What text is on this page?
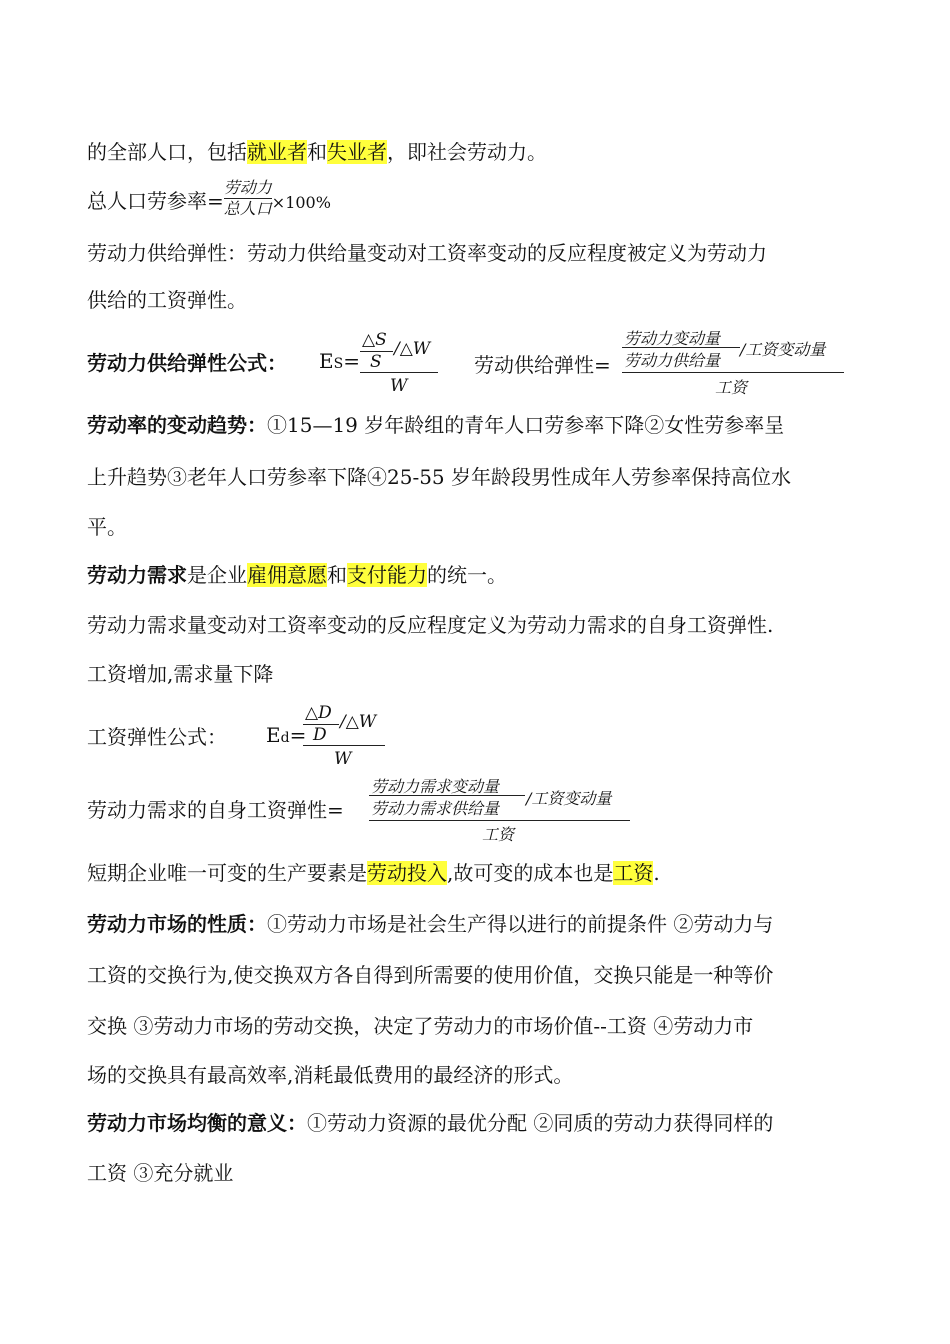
的全部人口，包括就业者和失业者，即社会劳动力。
总人口劳参率= $\frac{\text{劳动力}}{\text{总人口}} \times 100\%$
劳动力供给弹性：劳动力供给量变动对工资率变动的反应程度被定义为劳动力
供给的工资弹性。
劳动力供给弹性公式： ES=
△S
S
/△W
W
劳动供给弹性=
劳动力变动量
劳动力供给量
/工资变动量
工资
劳动率的变动趋势：①15—19 岁年龄组的青年人口劳参率下降②女性劳参率呈
上升趋势③老年人口劳参率下降④25-55 岁年龄段男性成年人劳参率保持高位水
平。
劳动力需求是企业雇佣意愿和支付能力的统一。
劳动力需求量变动对工资率变动的反应程度定义为劳动力需求的自身工资弹性.
工资增加,需求量下降
工资弹性公式： Ed=
△D
D
/△W
W
劳动力需求的自身工资弹性=
劳动力需求变动量
劳动力需求供给量
/工资变动量
工资
短期企业唯一可变的生产要素是劳动投入,故可变的成本也是工资.
劳动力市场的性质：①劳动力市场是社会生产得以进行的前提条件 ②劳动力与
工资的交换行为,使交换双方各自得到所需要的使用价值，交换只能是一种等价
交换 ③劳动力市场的劳动交换，决定了劳动力的市场价值--工资 ④劳动力市
场的交换具有最高效率,消耗最低费用的最经济的形式。
劳动力市场均衡的意义：①劳动力资源的最优分配 ②同质的劳动力获得同样的
工资 ③充分就业
